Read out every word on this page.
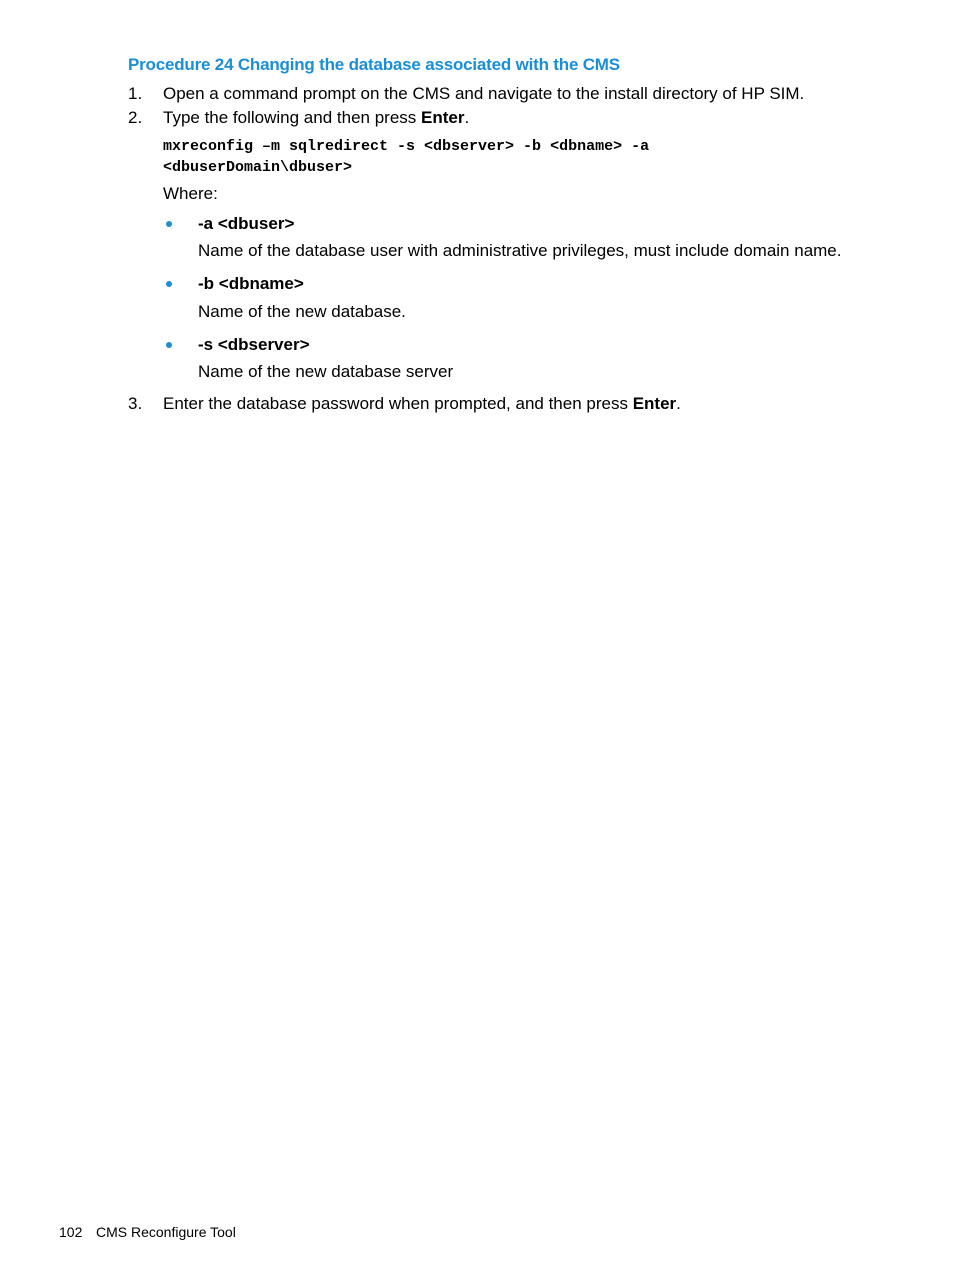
Procedure 24 Changing the database associated with the CMS
1. Open a command prompt on the CMS and navigate to the install directory of HP SIM.
2. Type the following and then press Enter.
mxreconfig –m sqlredirect -s <dbserver> -b <dbname> -a
<dbuserDomain\dbuser>
Where:
-a <dbuser>
Name of the database user with administrative privileges, must include domain name.
-b <dbname>
Name of the new database.
-s <dbserver>
Name of the new database server
3. Enter the database password when prompted, and then press Enter.
102 CMS Reconfigure Tool
